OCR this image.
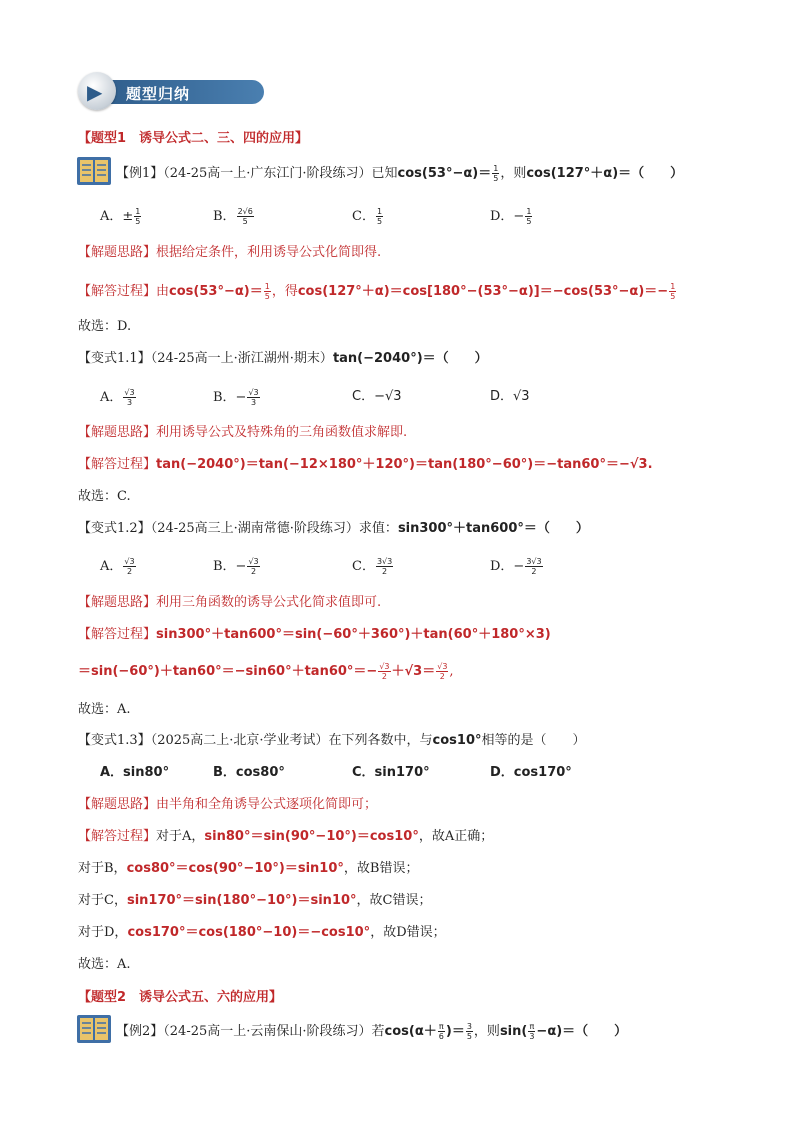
▶ 题型归纳
【题型1　诱导公式二、三、四的应用】
【例1】（24-25高一上·广东江门·阶段练习）已知$\cos(53^\circ-\alpha)= \frac{1}{5}$ ，则cos(127°＋α)＝（　　）
A．± $\frac{1}{5}$	B． $\frac{2√6}{5}$	C． $\frac{1}{5}$	D．− $\frac{1}{5}$
【解题思路】根据给定条件，利用诱导公式化简即得.
【解答过程】由$\cos(53^\circ-\alpha)= \frac{1}{5}$ ，得$\cos(127^\circ+\alpha)=\cos[180^\circ-(53^\circ-\alpha)]=-\cos(53^\circ-\alpha)=- \frac{1}{5}$
故选：D.
【变式1.1】（24-25高一上·浙江湖州·期末）tan(−2040°)＝（　　）
A． $\frac{√3}{3}$	B．− $\frac{√3}{3}$	C．−√3	D．√3
【解题思路】利用诱导公式及特殊角的三角函数值求解即.
【解答过程】tan(−2040°)＝tan(−12×180°＋120°)＝tan(180°−60°)＝−tan60°＝−√3.
故选：C.
【变式1.2】（24-25高三上·湖南常德·阶段练习）求值：sin300°＋tan600°＝（　　）
A． $\frac{√3}{2}$	B．− $\frac{√3}{2}$	C． $\frac{3√3}{2}$	D．− $\frac{3√3}{2}$
【解题思路】利用三角函数的诱导公式化简求值即可.
【解答过程】sin300°＋tan600°＝sin(−60°＋360°)＋tan(60°＋180°×3)
$=\sin(-60^\circ)+\tan 60^\circ=-\sin 60^\circ+\tan 60^\circ=- \frac{√3}{2} +√3= \frac{√3}{2}$ ,
故选：A.
【变式1.3】（2025高二上·北京·学业考试）在下列各数中，与cos10°相等的是（　　）
A．sin80°	B．cos80°	C．sin170°	D．cos170°
【解题思路】由半角和全角诱导公式逐项化简即可；
【解答过程】对于A，sin80°＝sin(90°−10°)＝cos10°，故A正确；
对于B，cos80°＝cos(90°−10°)＝sin10°，故B错误；
对于C，sin170°＝sin(180°−10°)＝sin10°，故C错误；
对于D，cos170°＝cos(180°−10)＝−cos10°，故D错误；
故选：A.
【题型2　诱导公式五、六的应用】
【例2】（24-25高一上·云南保山·阶段练习）若$\cos(\alpha+ \frac{\pi}{6}$ )＝ $\frac{3}{5}$ ，则$\sin( \frac{\pi}{3} -\alpha)=$（　　）
